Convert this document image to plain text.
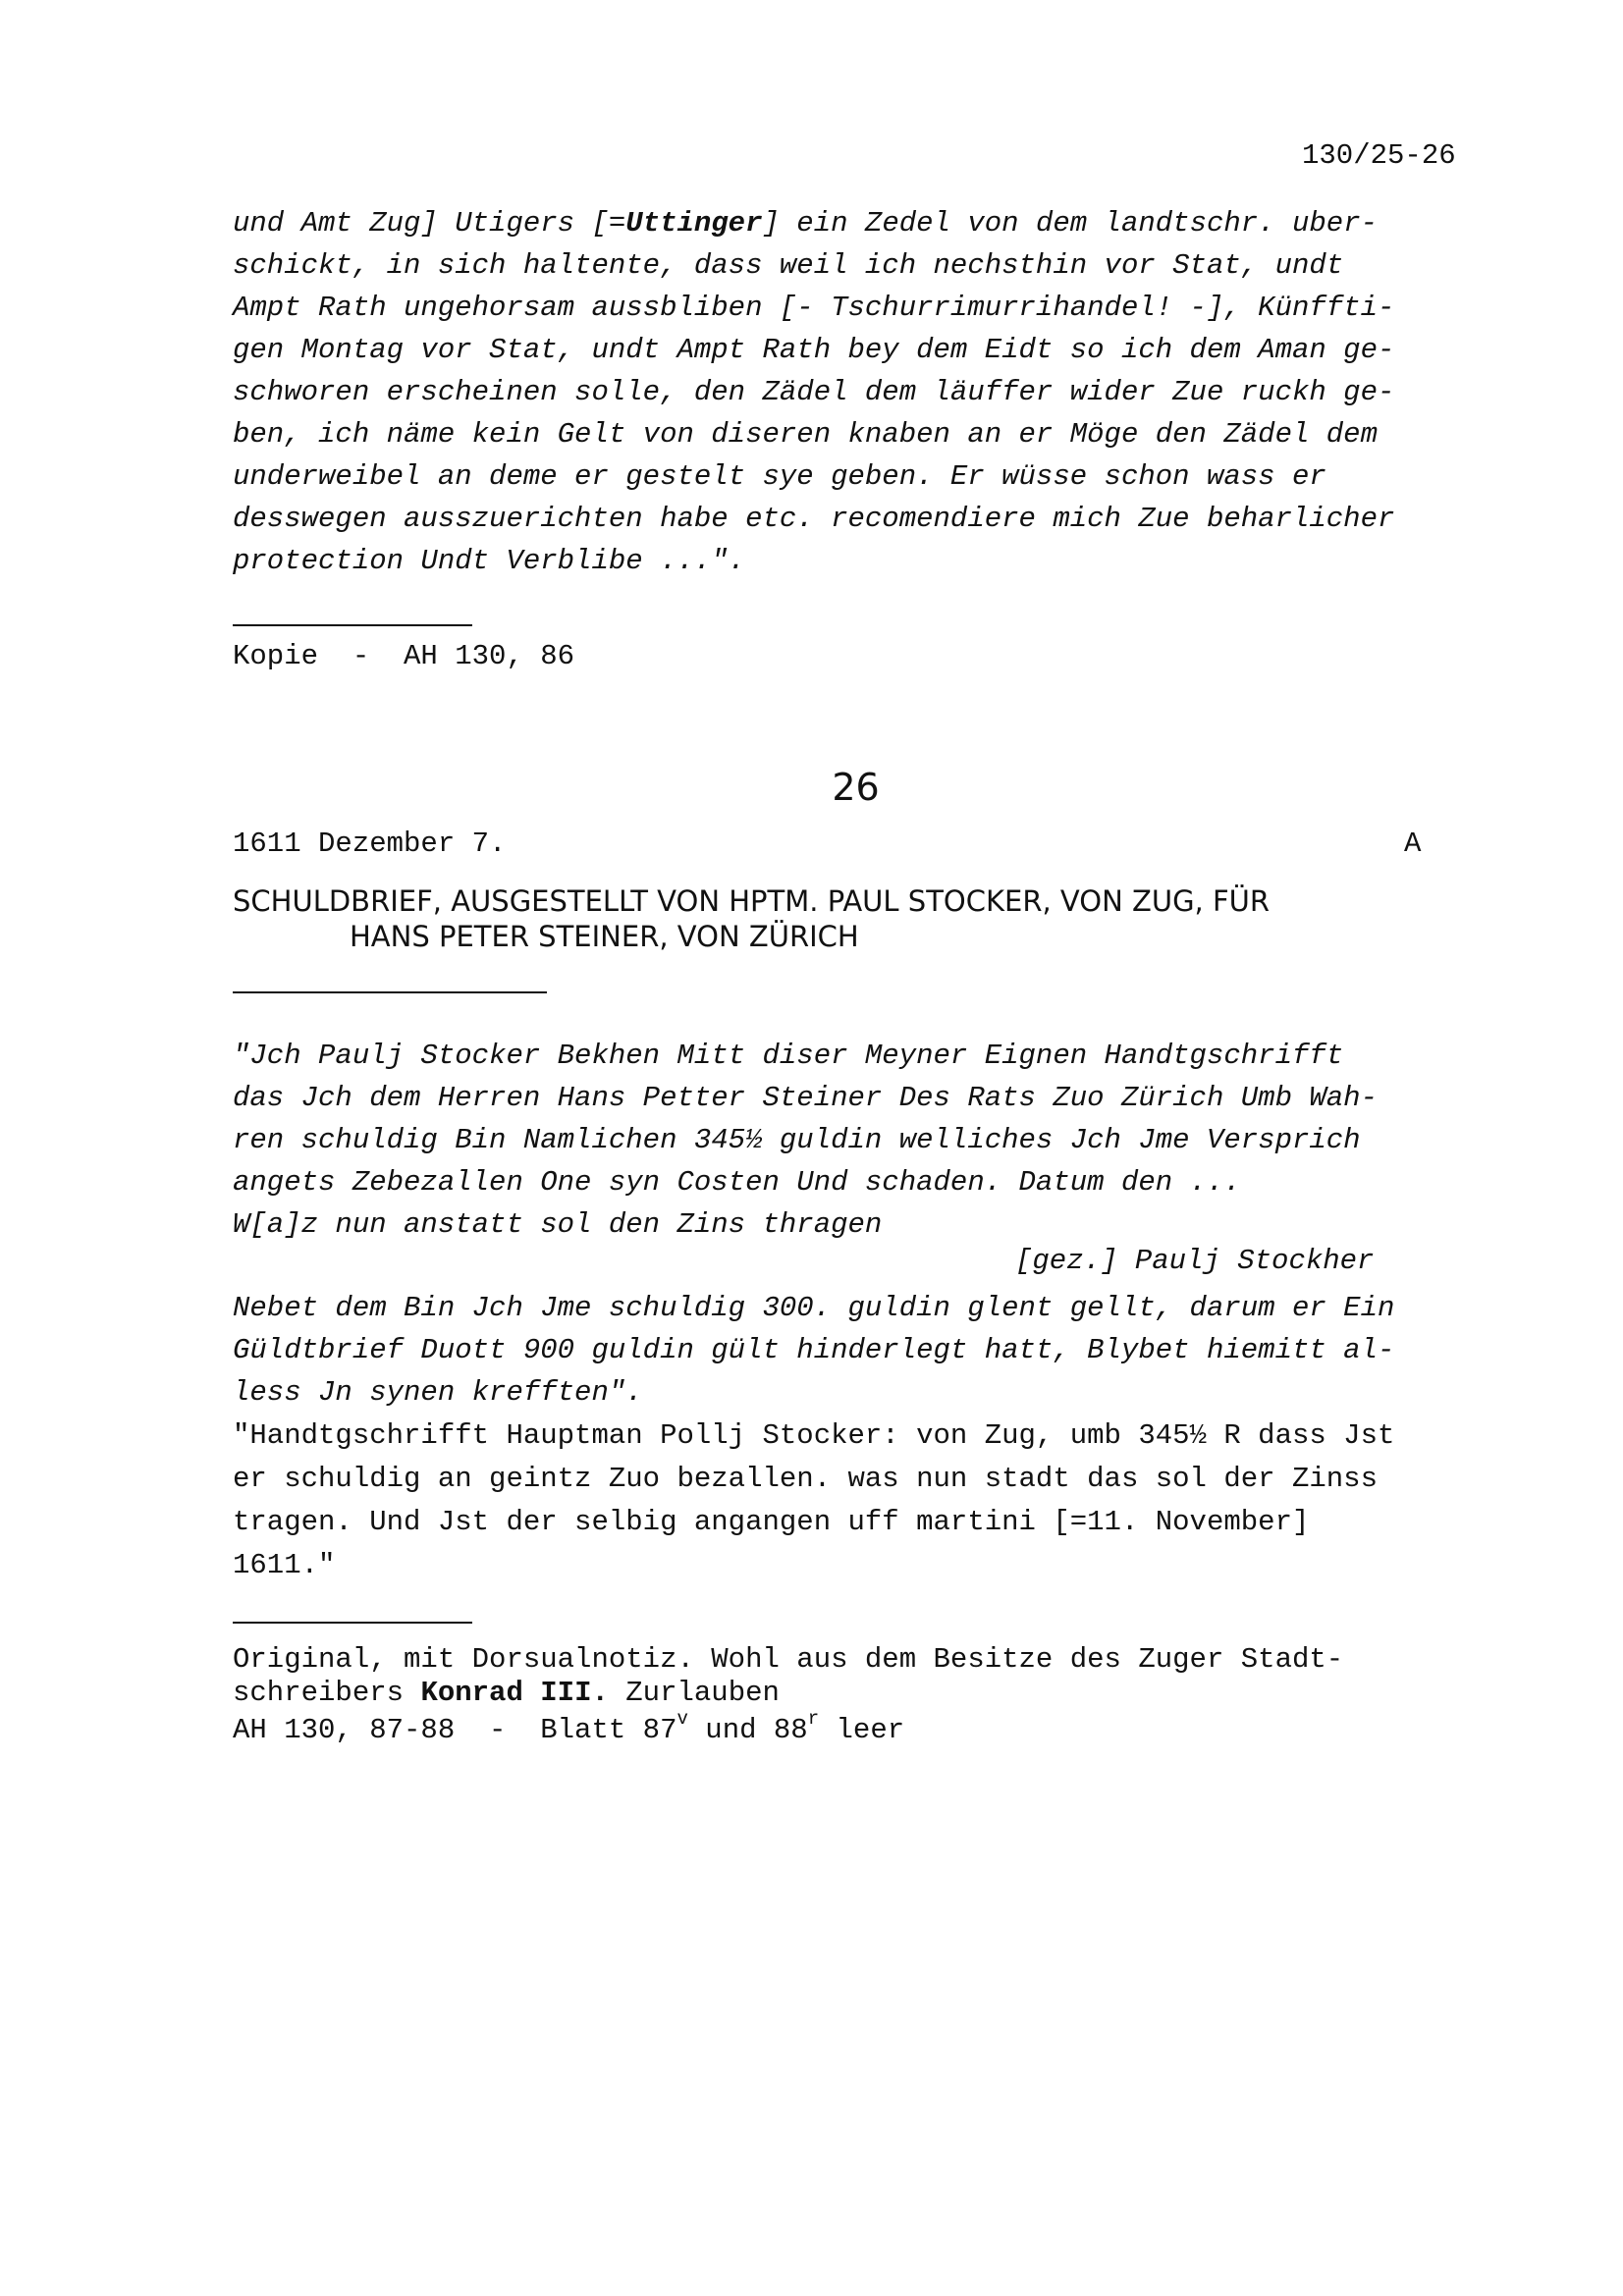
130/25-26
und Amt Zug] Utigers [=Uttinger] ein Zedel von dem landtschr. uber-
schickt, in sich haltente, dass weil ich nechsthin vor Stat, undt
Ampt Rath ungehorsam aussbliben [- Tschurrimurrihandel! -], Künffti-
gen Montag vor Stat, undt Ampt Rath bey dem Eidt so ich dem Aman ge-
schworen erscheinen solle, den Zädel dem läuffer wider Zue ruckh ge-
ben, ich näme kein Gelt von diseren knaben an er Möge den Zädel dem
underweibel an deme er gestelt sye geben. Er wüsse schon wass er
desswegen ausszuerichten habe etc. recomendiere mich Zue beharlicher
protection Undt Verblibe ...".
Kopie  -  AH 130, 86
26
1611 Dezember 7.	A
SCHULDBRIEF, AUSGESTELLT VON HPTM. PAUL STOCKER, VON ZUG, FÜR
HANS PETER STEINER, VON ZÜRICH
"Jch Paulj Stocker Bekhen Mitt diser Meyner Eignen Handtgschrifft
das Jch dem Herren Hans Petter Steiner Des Rats Zuo Zürich Umb Wah-
ren schuldig Bin Namlichen 345½ guldin welliches Jch Jme Versprich
angets Zebezallen One syn Costen Und schaden. Datum den ...
W[a]z nun anstatt sol den Zins thragen
[gez.] Paulj Stockher
Nebet dem Bin Jch Jme schuldig 300. guldin glent gellt, darum er Ein
Güldtbrief Duott 900 guldin gült hinderlegt hatt, Blybet hiemitt al-
less Jn synen krefften".
"Handtgschrifft Hauptman Pollj Stocker: von Zug, umb 345½ R dass Jst
er schuldig an geintz Zuo bezallen. was nun stadt das sol der Zinss
tragen. Und Jst der selbig angangen uff martini [=11. November]
1611."
Original, mit Dorsualnotiz. Wohl aus dem Besitze des Zuger Stadt-
schreibers Konrad III. Zurlauben
AH 130, 87-88  -  Blatt 87$^v$ und 88$^r$ leer
